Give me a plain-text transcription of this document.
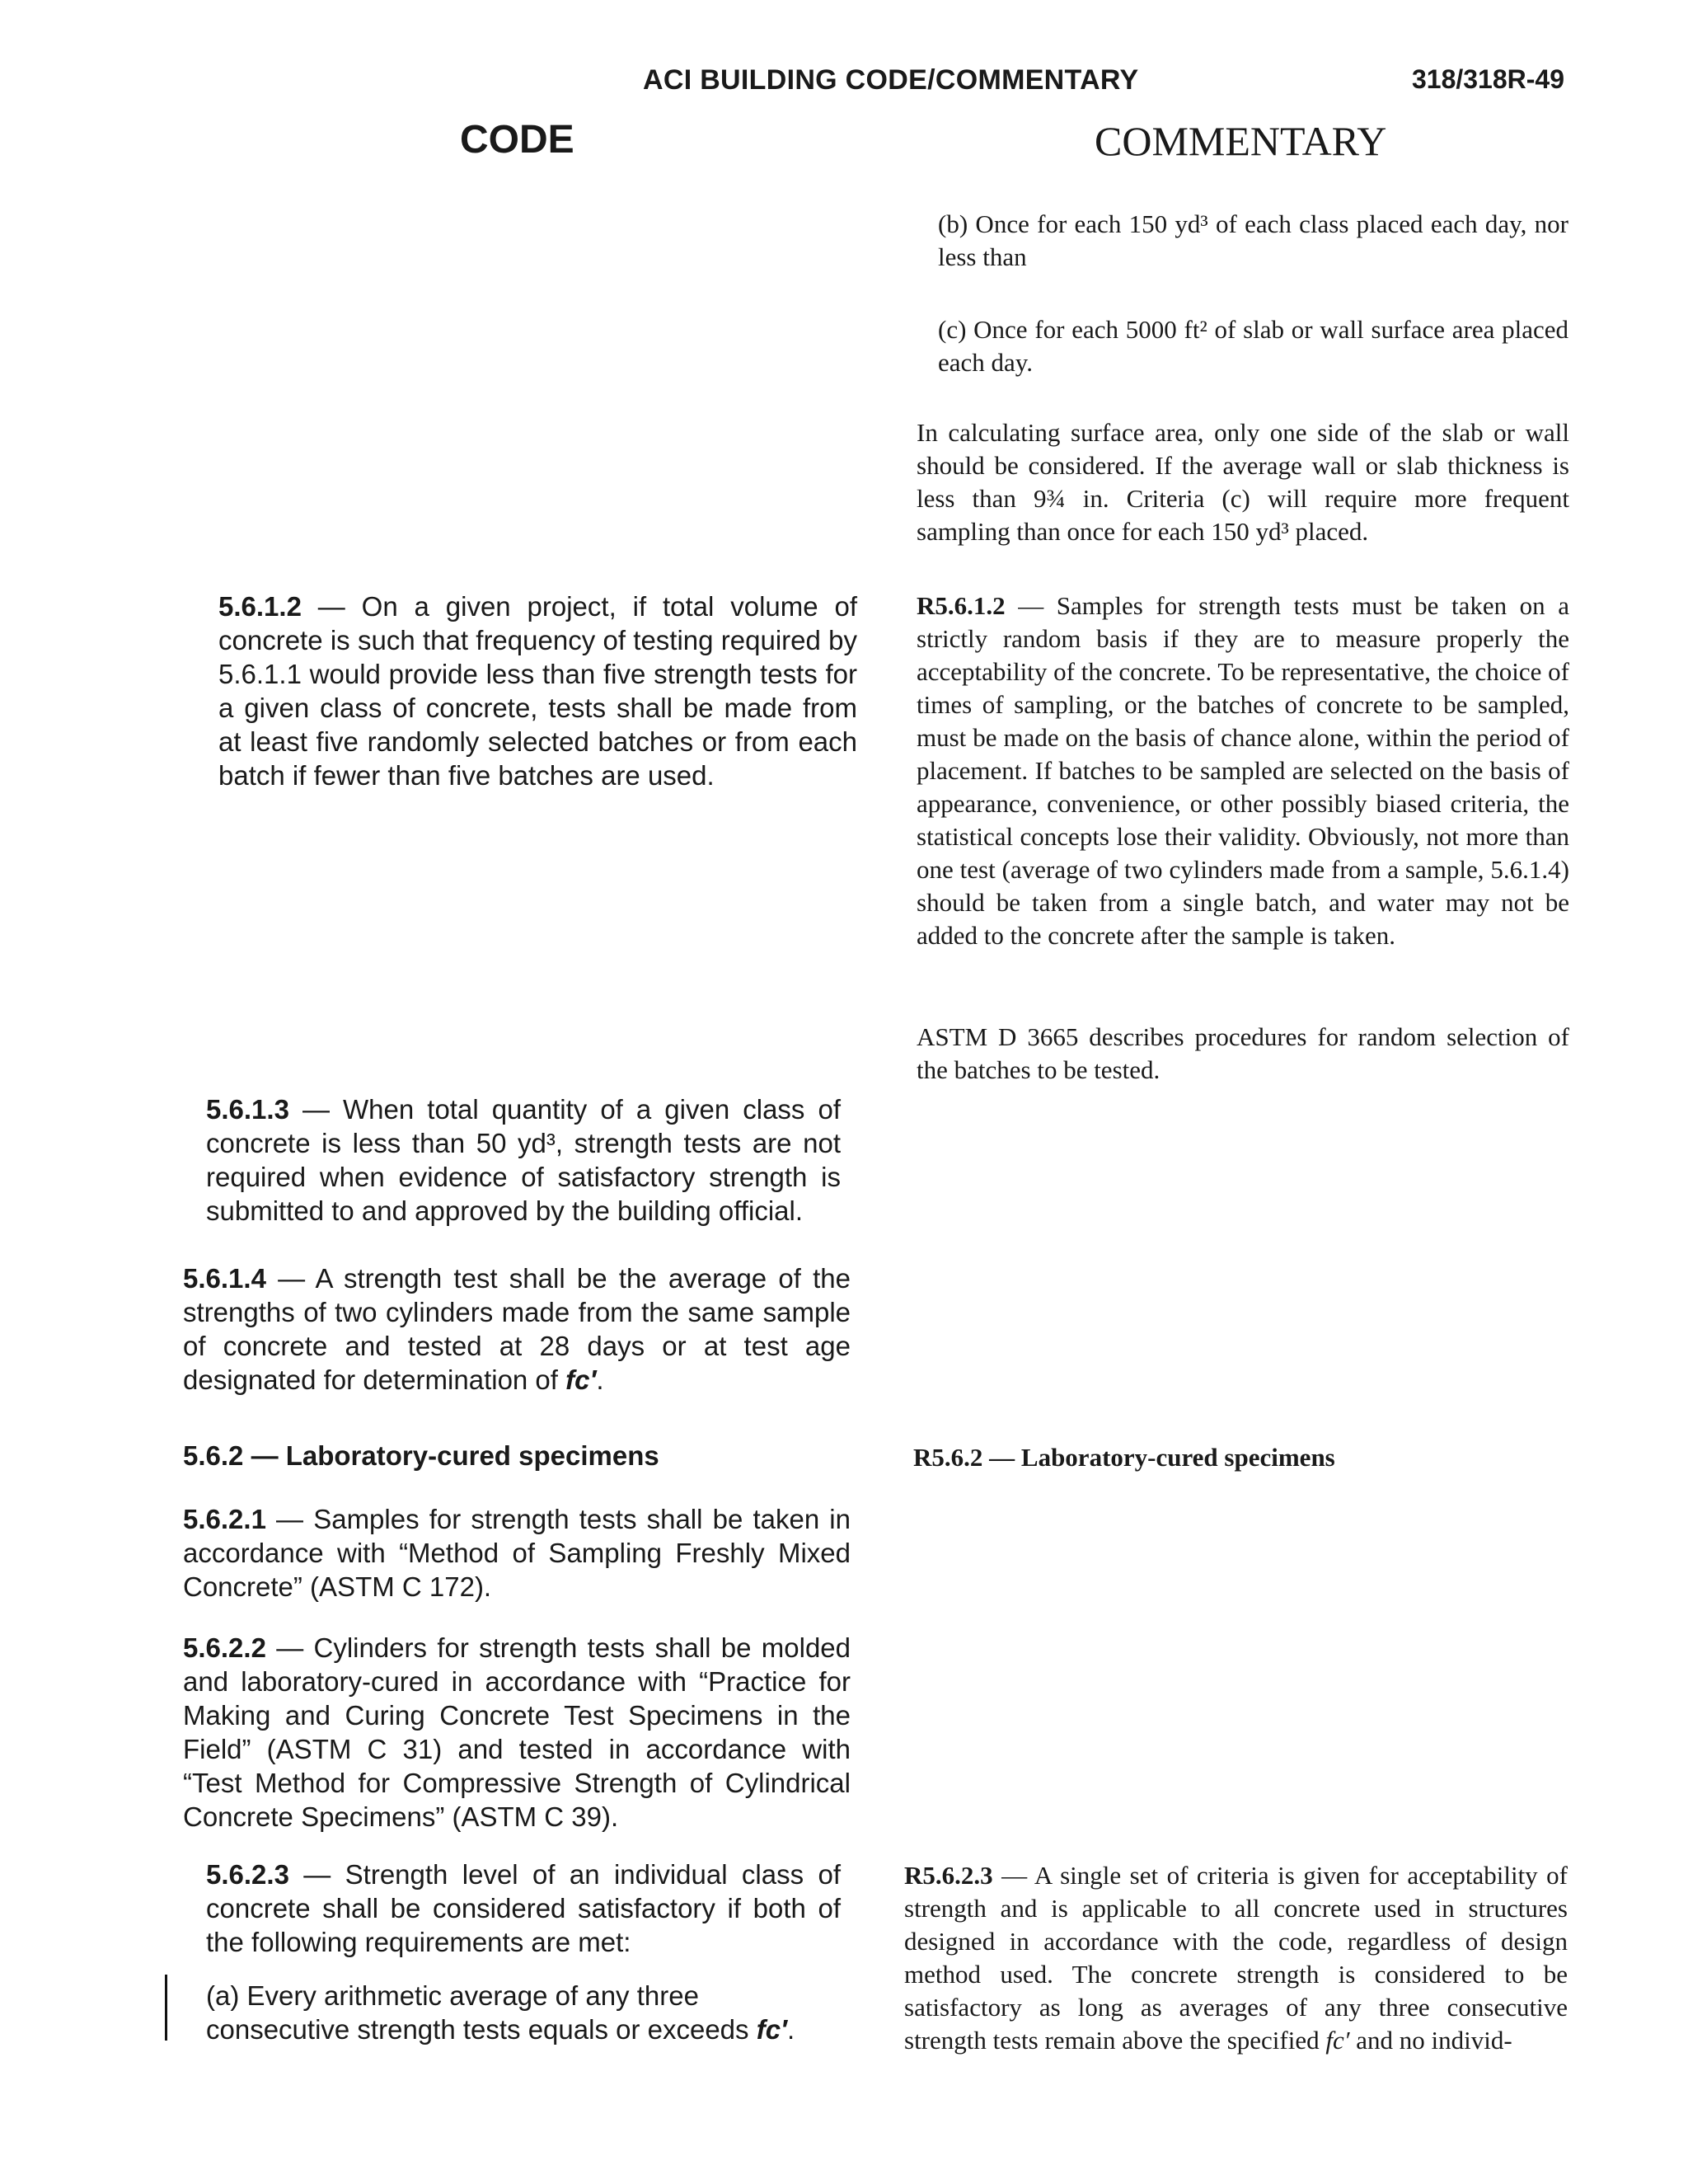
ACI BUILDING CODE/COMMENTARY	318/318R-49
CODE	COMMENTARY
(b) Once for each 150 yd³ of each class placed each day, nor less than
(c) Once for each 5000 ft² of slab or wall surface area placed each day.
In calculating surface area, only one side of the slab or wall should be considered. If the average wall or slab thickness is less than 9¾ in. Criteria (c) will require more frequent sampling than once for each 150 yd³ placed.
R5.6.1.2 — Samples for strength tests must be taken on a strictly random basis if they are to measure properly the acceptability of the concrete. To be representative, the choice of times of sampling, or the batches of concrete to be sampled, must be made on the basis of chance alone, within the period of placement. If batches to be sampled are selected on the basis of appearance, convenience, or other possibly biased criteria, the statistical concepts lose their validity. Obviously, not more than one test (average of two cylinders made from a sample, 5.6.1.4) should be taken from a single batch, and water may not be added to the concrete after the sample is taken.
ASTM D 3665 describes procedures for random selection of the batches to be tested.
R5.6.2 — Laboratory-cured specimens
R5.6.2.3 — A single set of criteria is given for acceptability of strength and is applicable to all concrete used in structures designed in accordance with the code, regardless of design method used. The concrete strength is considered to be satisfactory as long as averages of any three consecutive strength tests remain above the specified fc′ and no individ-
5.6.1.2 — On a given project, if total volume of concrete is such that frequency of testing required by 5.6.1.1 would provide less than five strength tests for a given class of concrete, tests shall be made from at least five randomly selected batches or from each batch if fewer than five batches are used.
5.6.1.3 — When total quantity of a given class of concrete is less than 50 yd³, strength tests are not required when evidence of satisfactory strength is submitted to and approved by the building official.
5.6.1.4 — A strength test shall be the average of the strengths of two cylinders made from the same sample of concrete and tested at 28 days or at test age designated for determination of fc′.
5.6.2 — Laboratory-cured specimens
5.6.2.1 — Samples for strength tests shall be taken in accordance with “Method of Sampling Freshly Mixed Concrete” (ASTM C 172).
5.6.2.2 — Cylinders for strength tests shall be molded and laboratory-cured in accordance with “Practice for Making and Curing Concrete Test Specimens in the Field” (ASTM C 31) and tested in accordance with “Test Method for Compressive Strength of Cylindrical Concrete Specimens” (ASTM C 39).
5.6.2.3 — Strength level of an individual class of concrete shall be considered satisfactory if both of the following requirements are met:
(a) Every arithmetic average of any three consecutive strength tests equals or exceeds fc′.
